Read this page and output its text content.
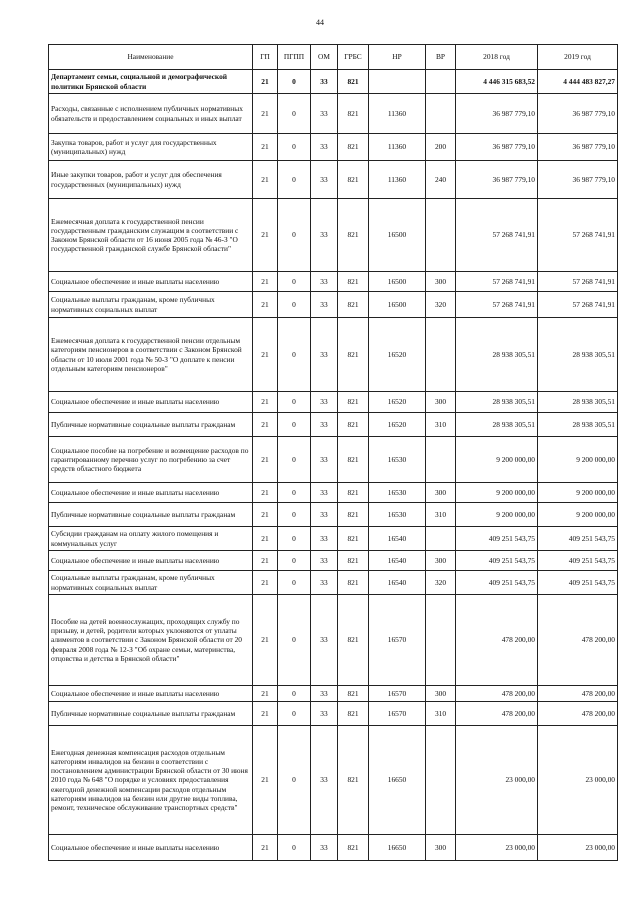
44
Наименование	ГП	ПГПП	ОМ	ГРБС	НР	ВР	2018 год	2019 год
Департамент семьи, социальной и демографической политики Брянской области	21	0	33	821			4 446 315 683,52	4 444 483 827,27
Расходы, связанные с исполнением публичных нормативных обязательств и предоставлением социальных и иных выплат	21	0	33	821	11360		36 987 779,10	36 987 779,10
Закупка товаров, работ и услуг для государственных (муниципальных) нужд	21	0	33	821	11360	200	36 987 779,10	36 987 779,10
Иные закупки товаров, работ и услуг для обеспечения государственных (муниципальных) нужд	21	0	33	821	11360	240	36 987 779,10	36 987 779,10
Ежемесячная доплата к государственной пенсии государственным гражданским служащим в соответствии с Законом Брянской области от 16 июня 2005 года № 46-З "О государственной гражданской службе Брянской области"	21	0	33	821	16500		57 268 741,91	57 268 741,91
Социальное обеспечение и иные выплаты населению	21	0	33	821	16500	300	57 268 741,91	57 268 741,91
Социальные выплаты гражданам, кроме публичных нормативных социальных выплат	21	0	33	821	16500	320	57 268 741,91	57 268 741,91
Ежемесячная доплата к государственной пенсии отдельным категориям пенсионеров в соответствии с Законом Брянской области от 10 июля 2001 года № 50-З "О доплате к пенсии отдельным категориям пенсионеров"	21	0	33	821	16520		28 938 305,51	28 938 305,51
Социальное обеспечение и иные выплаты населению	21	0	33	821	16520	300	28 938 305,51	28 938 305,51
Публичные нормативные социальные выплаты гражданам	21	0	33	821	16520	310	28 938 305,51	28 938 305,51
Социальное пособие на погребение и возмещение расходов по гарантированному перечню услуг по погребению за счет средств областного бюджета	21	0	33	821	16530		9 200 000,00	9 200 000,00
Социальное обеспечение и иные выплаты населению	21	0	33	821	16530	300	9 200 000,00	9 200 000,00
Публичные нормативные социальные выплаты гражданам	21	0	33	821	16530	310	9 200 000,00	9 200 000,00
Субсидии гражданам на оплату жилого помещения и коммунальных услуг	21	0	33	821	16540		409 251 543,75	409 251 543,75
Социальное обеспечение и иные выплаты населению	21	0	33	821	16540	300	409 251 543,75	409 251 543,75
Социальные выплаты гражданам, кроме публичных нормативных социальных выплат	21	0	33	821	16540	320	409 251 543,75	409 251 543,75
Пособие на детей военнослужащих, проходящих службу по призыву, и детей, родители которых уклоняются от уплаты алиментов в соответствии с Законом Брянской области от 20 февраля 2008 года № 12-З "Об охране семьи, материнства, отцовства и детства в Брянской области"	21	0	33	821	16570		478 200,00	478 200,00
Социальное обеспечение и иные выплаты населению	21	0	33	821	16570	300	478 200,00	478 200,00
Публичные нормативные социальные выплаты гражданам	21	0	33	821	16570	310	478 200,00	478 200,00
Ежегодная денежная компенсация расходов отдельным категориям инвалидов на бензин в соответствии с постановлением администрации Брянской области от 30 июня 2010 года № 648 "О порядке и условиях предоставления ежегодной денежной компенсации расходов отдельным категориям инвалидов на бензин или другие виды топлива, ремонт, техническое обслуживание транспортных средств"	21	0	33	821	16650		23 000,00	23 000,00
Социальное обеспечение и иные выплаты населению	21	0	33	821	16650	300	23 000,00	23 000,00
